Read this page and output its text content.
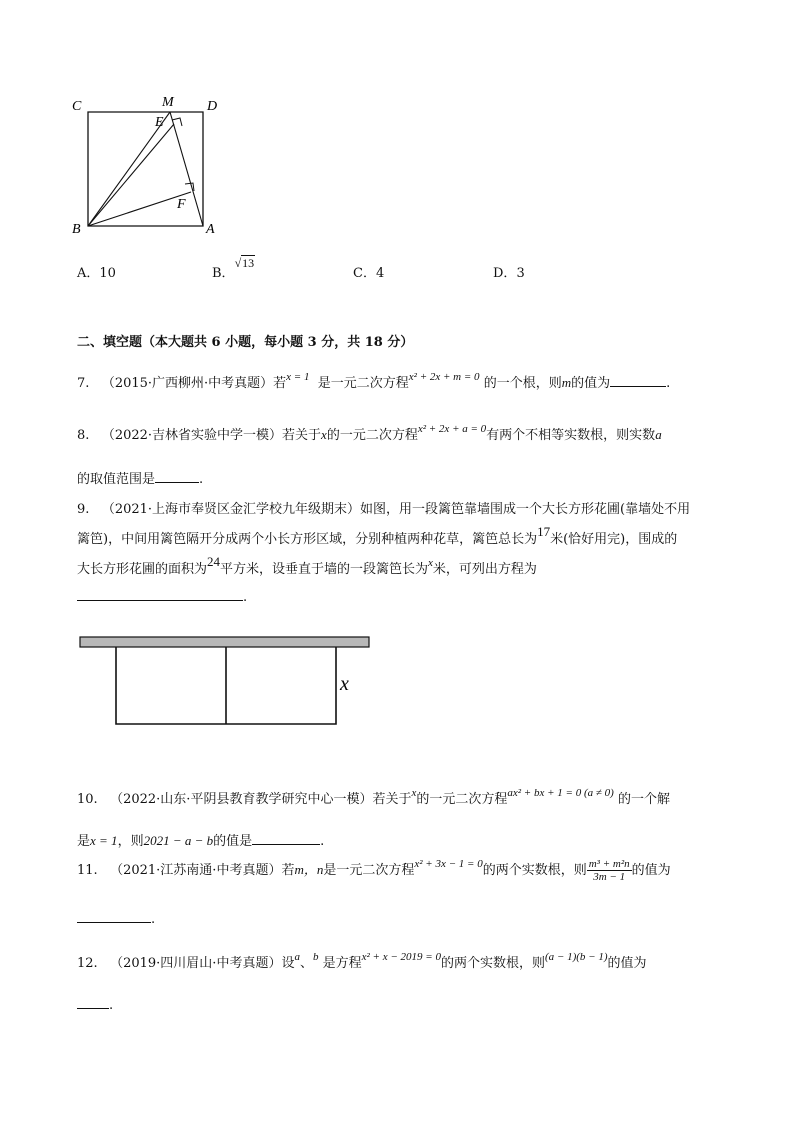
C	M D
E
F
B	A
A．10	B．√13
C．4	D．3
二、填空题（本大题共 6 小题，每小题 3 分，共 18 分）
7. （2015·广西柳州·中考真题）若$^{x = 1}$ 是一元二次方程$^{x^2 + 2x + m = 0}$ 的一个根，则m的值为	.
8. （2022·吉林省实验中学一模）若关于x的一元二次方程$^{x^2 + 2x + a = 0}$有两个不相等实数根，则实数a
的取值范围是	.
9. （2021·上海市奉贤区金汇学校九年级期末）如图，用一段篱笆靠墙围成一个大长方形花圃(靠墙处不用
篱笆)，中间用篱笆隔开分成两个小长方形区域，分别种植两种花草，篱笆总长为17米(恰好用完)，围成的
大长方形花圃的面积为24平方米，设垂直于墙的一段篱笆长为$^x$米，可列出方程为
.
x
10. （2022·山东·平阴县教育教学研究中心一模）若关于$^x$的一元二次方程$^{ax^2 + bx + 1 = 0 (a \ne 0)}$ 的一个解
是x = 1，则2021 − a − b的值是	.
11. （2021·江苏南通·中考真题）若m，n是一元二次方程$^{x^2 + 3x - 1 = 0}$的两个实数根，则 $\frac{\text{m³ + m²n}}{3m - 1}$ 的值为
.
12. （2019·四川眉山·中考真题）设$^a$、$^b$ 是方程$^{x^2 + x - 2019 = 0}$的两个实数根，则$^{(a - 1)(b - 1)}$的值为
.
